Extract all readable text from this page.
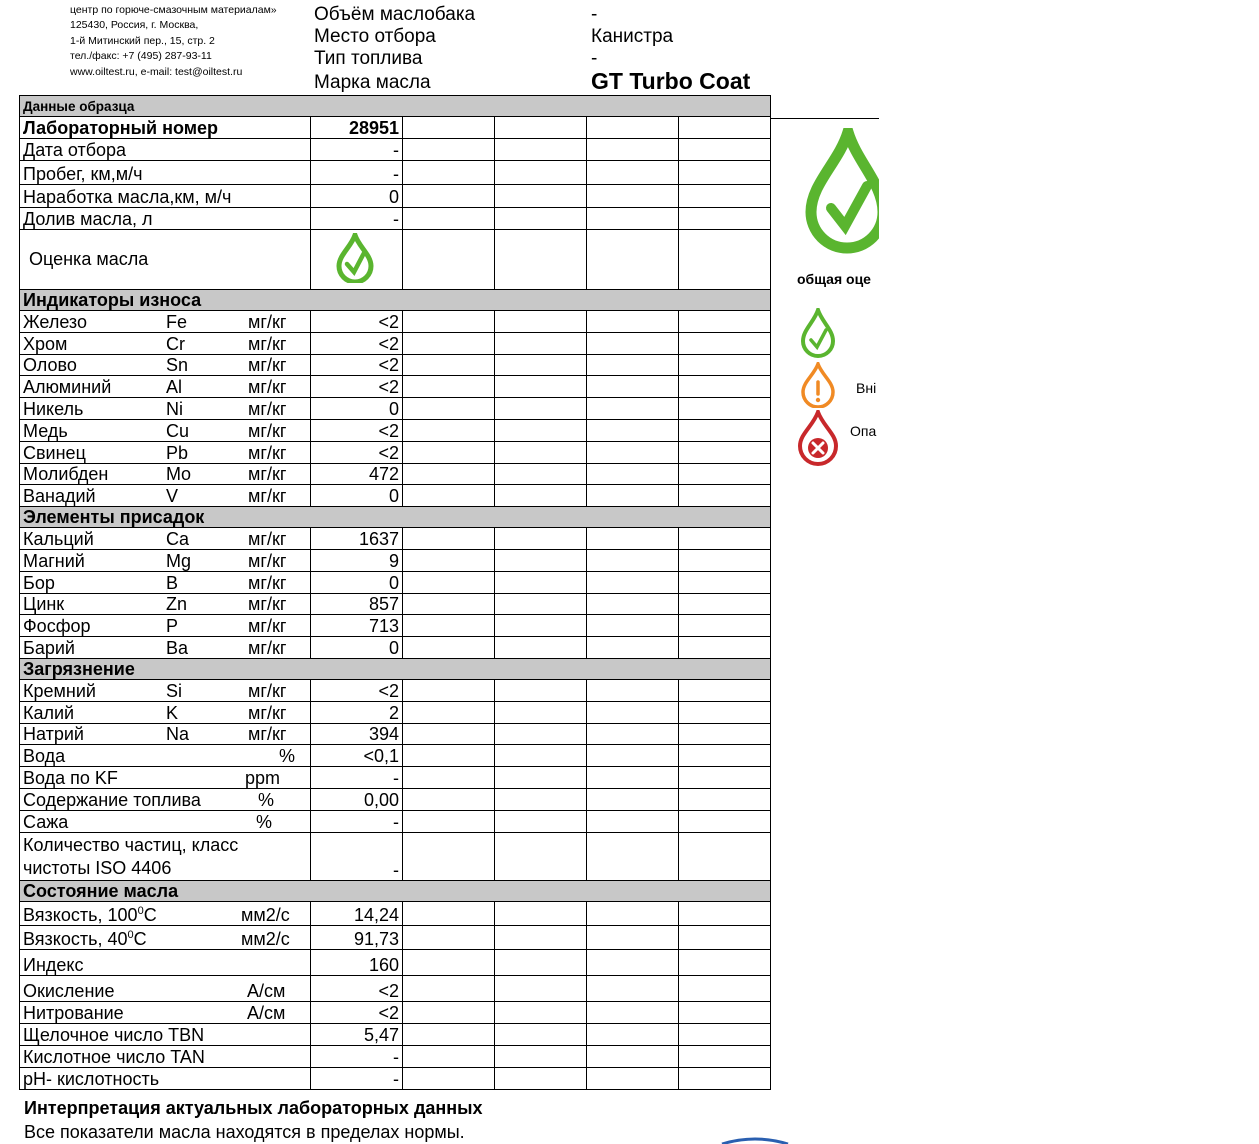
центр по горюче-смазочным материалам»
125430, Россия, г. Москва,
1-й Митинский пер., 15, стр. 2
тел./факс: +7 (495) 287-93-11
www.oiltest.ru, e-mail: test@oiltest.ru
Объём маслобака	-
Место отбора	Канистра
Тип топлива	-
Марка масла	GT Turbo Coat
Данные образца					
Лабораторный номер	28951				
Дата отбора	-				
Пробег, км,м/ч	-				
Наработка масла,км, м/ч	0				
Долив масла, л	-				
Оценка масла					
Индикаторы износа					
Железо Fe мг/кг	<2				
Хром Cr мг/кг	<2				
Олово Sn мг/кг	<2				
Алюминий Al мг/кг	<2				
Никель Ni мг/кг	0				
Медь Cu мг/кг	<2				
Свинец Pb мг/кг	<2				
Молибден Mo мг/кг	472				
Ванадий V мг/кг	0				
Элементы присадок					
Кальций Ca мг/кг	1637				
Магний Mg мг/кг	9				
Бор B мг/кг	0				
Цинк Zn мг/кг	857				
Фосфор P мг/кг	713				
Барий Ba мг/кг	0				
Загрязнение					
Кремний Si мг/кг	<2				
Калий K мг/кг	2				
Натрий Na мг/кг	394				
Вода %	<0,1				
Вода по KF ppm	-				
Содержание топлива %	0,00				
Сажа %	-				

Количество частиц, класс
чистоты ISO 4406	-				
Состояние масла					
Вязкость, $100^0С$ мм2/с	14,24				
Вязкость, $40^0С$ мм2/с	91,73				
Индекс	160				
Окисление А/см	<2				
Нитрование А/см	<2				
Щелочное число TBN	5,47				
Кислотное число TAN	-				
pH- кислотность	-				
общая оце
Вні
Опа
Интерпретация актуальных лабораторных данных
Все показатели масла находятся в пределах нормы.
